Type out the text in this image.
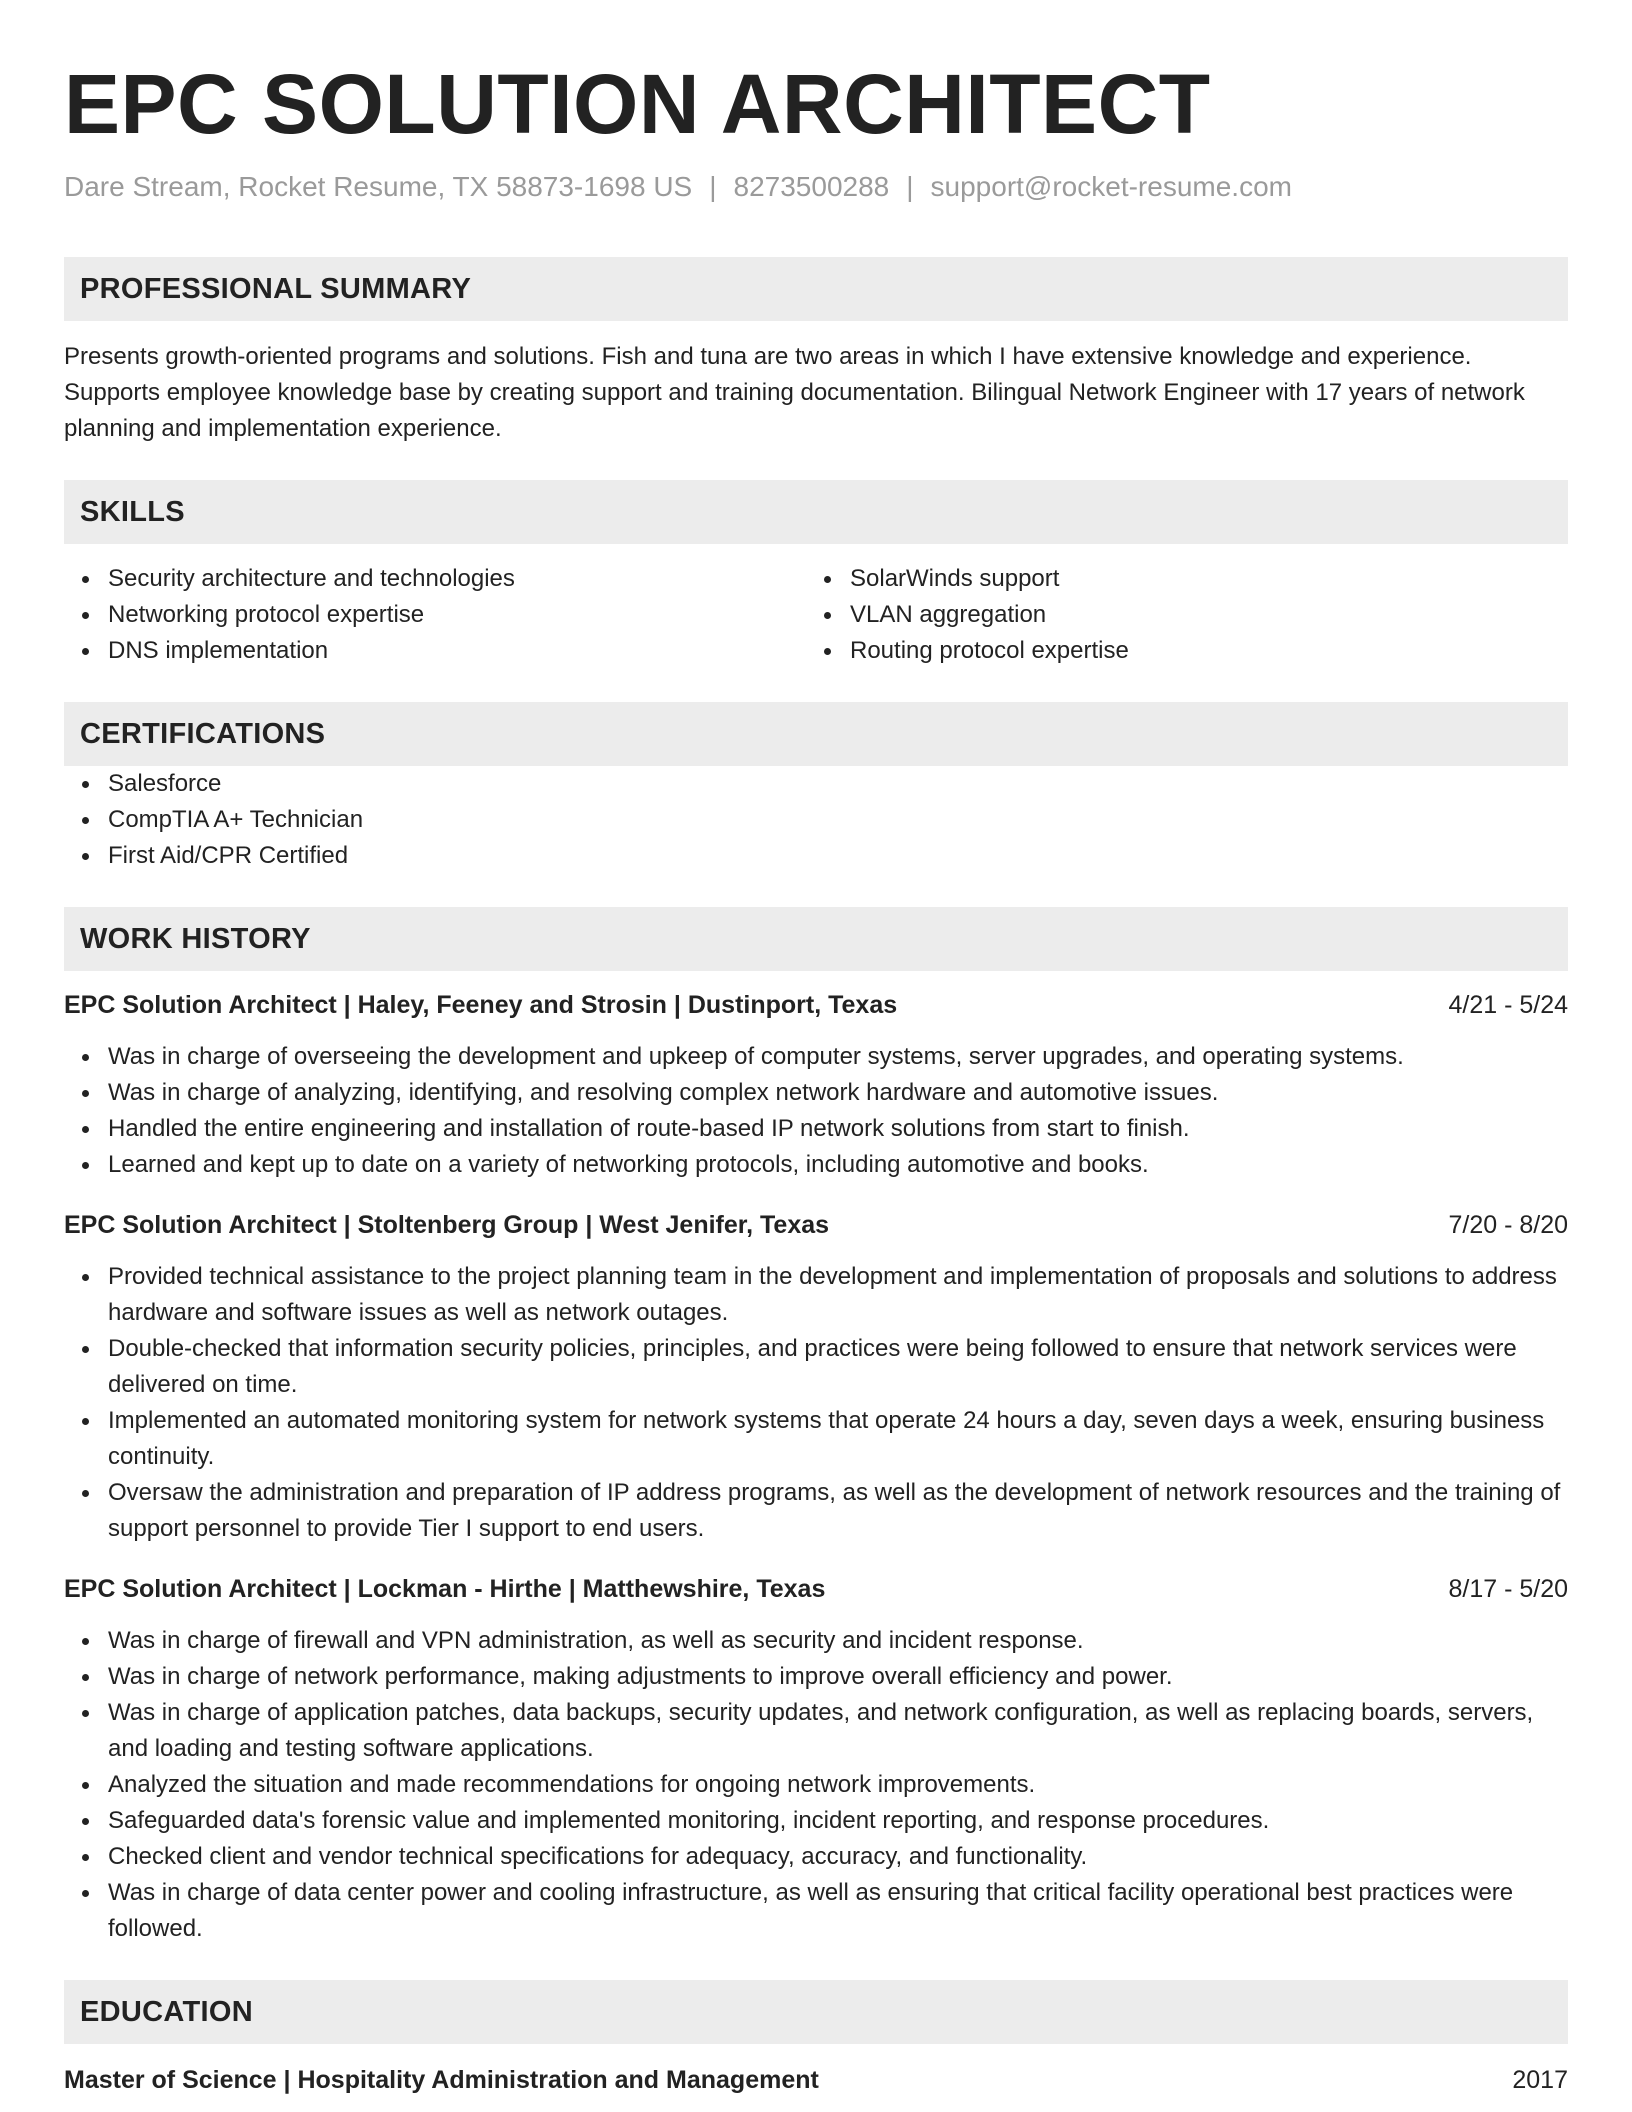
EPC SOLUTION ARCHITECT
Dare Stream, Rocket Resume, TX 58873-1698 US | 8273500288 | support@rocket-resume.com
PROFESSIONAL SUMMARY

Presents growth-oriented programs and solutions. Fish and tuna are two areas in which I have extensive knowledge and experience. Supports employee knowledge base by creating support and training documentation. Bilingual Network Engineer with 17 years of network planning and implementation experience.

SKILLS
Security architecture and technologies
Networking protocol expertise
DNS implementation
SolarWinds support
VLAN aggregation
Routing protocol expertise
CERTIFICATIONS
Salesforce
CompTIA A+ Technician
First Aid/CPR Certified
WORK HISTORY
EPC Solution Architect | Haley, Feeney and Strosin | Dustinport, Texas	4/21 - 5/24
Was in charge of overseeing the development and upkeep of computer systems, server upgrades, and operating systems.
Was in charge of analyzing, identifying, and resolving complex network hardware and automotive issues.
Handled the entire engineering and installation of route-based IP network solutions from start to finish.
Learned and kept up to date on a variety of networking protocols, including automotive and books.
EPC Solution Architect | Stoltenberg Group | West Jenifer, Texas	7/20 - 8/20
Provided technical assistance to the project planning team in the development and implementation of proposals and solutions to address hardware and software issues as well as network outages.
Double-checked that information security policies, principles, and practices were being followed to ensure that network services were delivered on time.
Implemented an automated monitoring system for network systems that operate 24 hours a day, seven days a week, ensuring business continuity.
Oversaw the administration and preparation of IP address programs, as well as the development of network resources and the training of support personnel to provide Tier I support to end users.
EPC Solution Architect | Lockman - Hirthe | Matthewshire, Texas	8/17 - 5/20
Was in charge of firewall and VPN administration, as well as security and incident response.
Was in charge of network performance, making adjustments to improve overall efficiency and power.
Was in charge of application patches, data backups, security updates, and network configuration, as well as replacing boards, servers, and loading and testing software applications.
Analyzed the situation and made recommendations for ongoing network improvements.
Safeguarded data's forensic value and implemented monitoring, incident reporting, and response procedures.
Checked client and vendor technical specifications for adequacy, accuracy, and functionality.
Was in charge of data center power and cooling infrastructure, as well as ensuring that critical facility operational best practices were followed.
EDUCATION
Master of Science | Hospitality Administration and Management	2017
